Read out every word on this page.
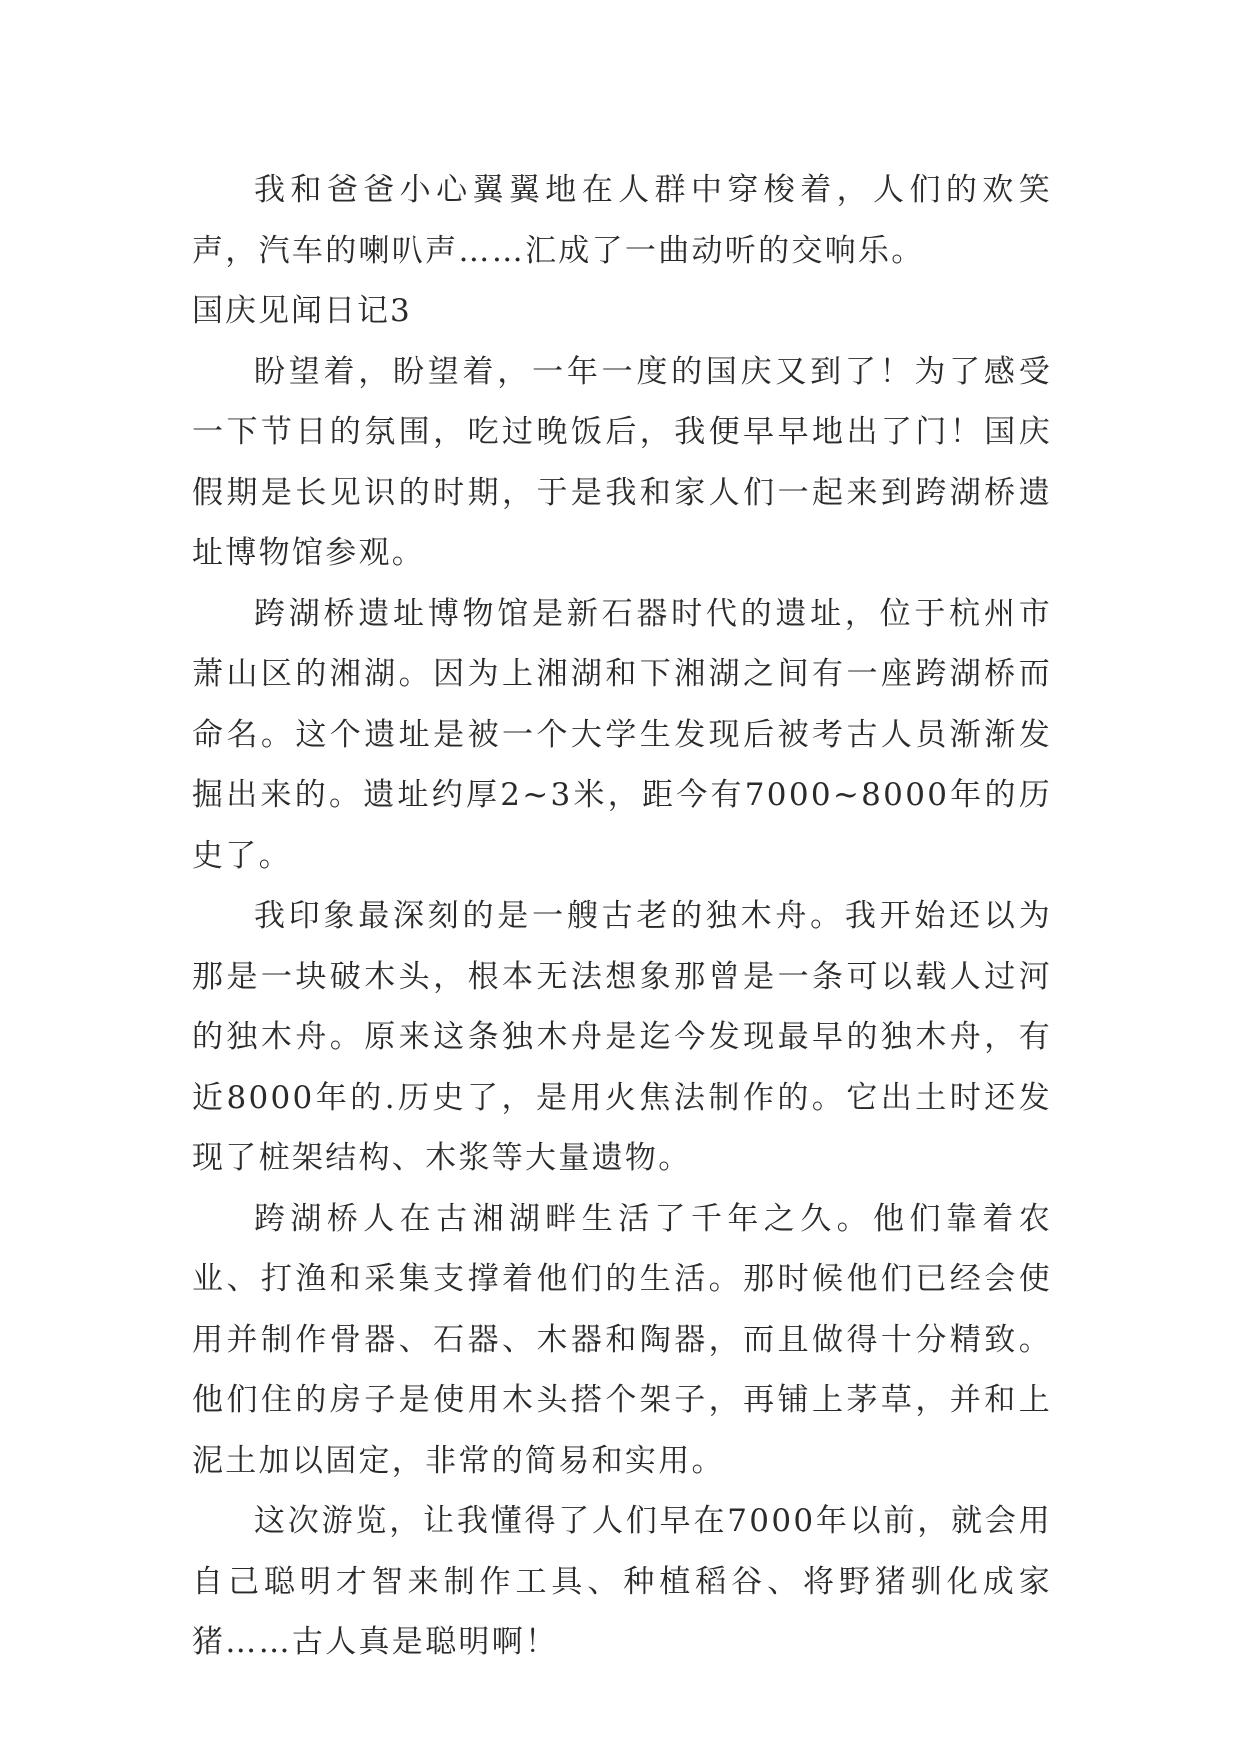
我和爸爸小心翼翼地在人群中穿梭着，人们的欢笑声，汽车的喇叭声……汇成了一曲动听的交响乐。

国庆见闻日记3

盼望着，盼望着，一年一度的国庆又到了！为了感受一下节日的氛围，吃过晚饭后，我便早早地出了门！国庆假期是长见识的时期，于是我和家人们一起来到跨湖桥遗址博物馆参观。

跨湖桥遗址博物馆是新石器时代的遗址，位于杭州市萧山区的湘湖。因为上湘湖和下湘湖之间有一座跨湖桥而命名。这个遗址是被一个大学生发现后被考古人员渐渐发掘出来的。遗址约厚2~3米，距今有7000~8000年的历史了。

我印象最深刻的是一艘古老的独木舟。我开始还以为那是一块破木头，根本无法想象那曾是一条可以载人过河的独木舟。原来这条独木舟是迄今发现最早的独木舟，有近8000年的.历史了，是用火焦法制作的。它出土时还发现了桩架结构、木浆等大量遗物。

跨湖桥人在古湘湖畔生活了千年之久。他们靠着农业、打渔和采集支撑着他们的生活。那时候他们已经会使用并制作骨器、石器、木器和陶器，而且做得十分精致。他们住的房子是使用木头搭个架子，再铺上茅草，并和上泥土加以固定，非常的简易和实用。

这次游览，让我懂得了人们早在7000年以前，就会用自己聪明才智来制作工具、种植稻谷、将野猪驯化成家猪……古人真是聪明啊！
